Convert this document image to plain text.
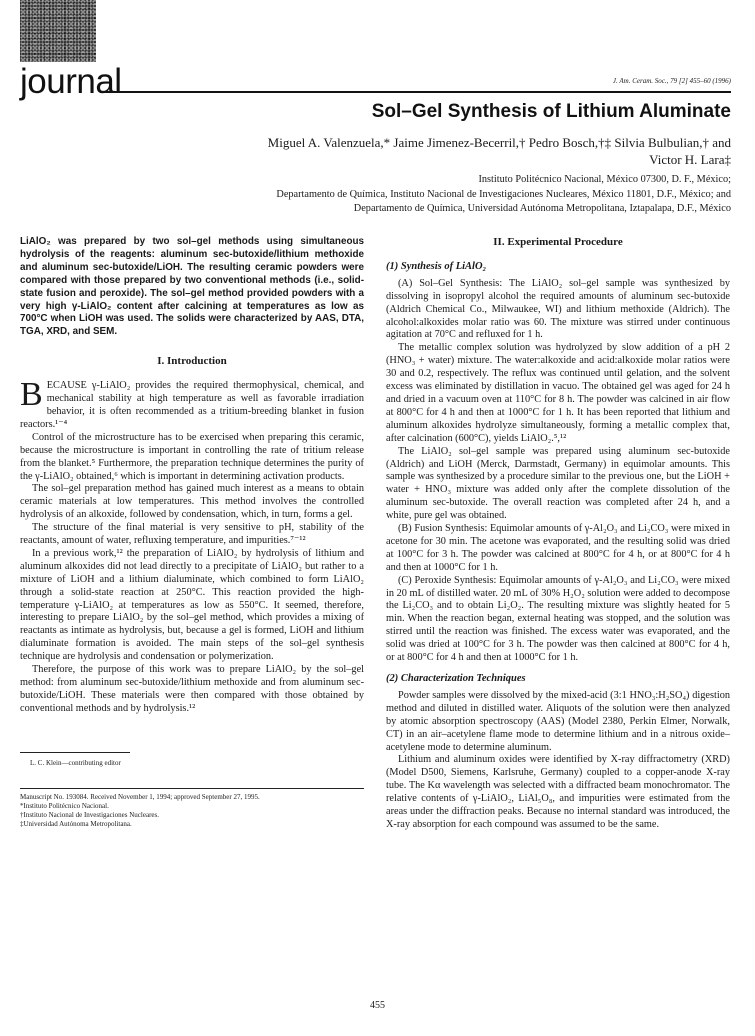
journal	J. Am. Ceram. Soc., 79 [2] 455–60 (1996)
Sol–Gel Synthesis of Lithium Aluminate
Miguel A. Valenzuela,* Jaime Jimenez-Becerril,† Pedro Bosch,†‡ Silvia Bulbulian,† and
Victor H. Lara‡
Instituto Politécnico Nacional, México 07300, D. F., México;
Departamento de Química, Instituto Nacional de Investigaciones Nucleares, México 11801, D.F., México; and
Departamento de Química, Universidad Autónoma Metropolitana, Iztapalapa, D.F., México

LiAlO₂ was prepared by two sol–gel methods using simultaneous hydrolysis of the reagents: aluminum sec-butoxide/lithium methoxide and aluminum sec-butoxide/LiOH. The resulting ceramic powders were compared with those prepared by two conventional methods (i.e., solid-state fusion and peroxide). The sol–gel method provided powders with a very high γ-LiAlO₂ content after calcining at temperatures as low as 700°C when LiOH was used. The solids were characterized by AAS, DTA, TGA, XRD, and SEM.

I. Introduction

BECAUSE γ-LiAlO₂ provides the required thermophysical, chemical, and mechanical stability at high temperature as well as favorable irradiation behavior, it is often recommended as a tritium-breeding blanket in fusion reactors.¹⁻⁴

Control of the microstructure has to be exercised when preparing this ceramic, because the microstructure is important in controlling the rate of tritium release from the blanket.⁵ Furthermore, the preparation technique determines the purity of the γ-LiAlO₂ obtained,⁶ which is important in determining activation products.

The sol–gel preparation method has gained much interest as a means to obtain ceramic materials at low temperatures. This method involves the controlled hydrolysis of an alkoxide, followed by condensation, which, in turn, forms a gel.

The structure of the final material is very sensitive to pH, stability of the reactants, amount of water, refluxing temperature, and impurities.⁷⁻¹²

In a previous work,¹² the preparation of LiAlO₂ by hydrolysis of lithium and aluminum alkoxides did not lead directly to a precipitate of LiAlO₂ but rather to a mixture of LiOH and a lithium dialuminate, which combined to form LiAlO₂ through a solid-state reaction at 250°C. This reaction provided the high-temperature γ-LiAlO₂ at temperatures as low as 550°C. It seemed, therefore, interesting to prepare LiAlO₂ by the sol–gel method, which provides a mixing of reactants as intimate as hydrolysis, but, because a gel is formed, LiOH and lithium dialuminate formation is avoided. The main steps of the sol–gel synthesis technique are hydrolysis and condensation or polymerization.

Therefore, the purpose of this work was to prepare LiAlO₂ by the sol–gel method: from aluminum sec-butoxide/lithium methoxide and from aluminum sec-butoxide/LiOH. These materials were then compared with those obtained by conventional methods and by hydrolysis.¹²

L. C. Klein—contributing editor
Manuscript No. 193084. Received November 1, 1994; approved September 27, 1995.
*Instituto Politécnico Nacional.
†Instituto Nacional de Investigaciones Nucleares.
‡Universidad Autónoma Metropolitana.
II. Experimental Procedure
(1) Synthesis of LiAlO₂

(A) Sol–Gel Synthesis: The LiAlO₂ sol–gel sample was synthesized by dissolving in isopropyl alcohol the required amounts of aluminum sec-butoxide (Aldrich Chemical Co., Milwaukee, WI) and lithium methoxide (Aldrich). The alcohol:alkoxides molar ratio was 60. The mixture was stirred under continuous agitation at 70°C and refluxed for 1 h.

The metallic complex solution was hydrolyzed by slow addition of a pH 2 (HNO₃ + water) mixture. The water:alkoxide and acid:alkoxide molar ratios were 30 and 0.2, respectively. The reflux was continued until gelation, and the solvent excess was eliminated by distillation in vacuo. The obtained gel was aged for 24 h and dried in a vacuum oven at 110°C for 8 h. The powder was calcined in air flow at 800°C for 4 h and then at 1000°C for 1 h. It has been reported that lithium and aluminum alkoxides hydrolyze simultaneously, forming a metallic complex that, after calcination (600°C), yields LiAlO₂.⁵,¹²

The LiAlO₂ sol–gel sample was prepared using aluminum sec-butoxide (Aldrich) and LiOH (Merck, Darmstadt, Germany) in equimolar amounts. This sample was synthesized by a procedure similar to the previous one, but the LiOH + water + HNO₃ mixture was added only after the complete dissolution of the aluminum sec-butoxide. The overall reaction was completed after 24 h, and a white, pure gel was obtained.

(B) Fusion Synthesis: Equimolar amounts of γ-Al₂O₃ and Li₂CO₃ were mixed in acetone for 30 min. The acetone was evaporated, and the resulting solid was dried at 100°C for 3 h. The powder was calcined at 800°C for 4 h, or at 800°C for 4 h and then at 1000°C for 1 h.

(C) Peroxide Synthesis: Equimolar amounts of γ-Al₂O₃ and Li₂CO₃ were mixed in 20 mL of distilled water. 20 mL of 30% H₂O₂ solution were added to decompose the Li₂CO₃ and to obtain Li₂O₂. The resulting mixture was slightly heated for 5 min. When the reaction began, external heating was stopped, and the solution was stirred until the reaction was finished. The excess water was evaporated, and the solid was dried at 100°C for 3 h. The powder was then calcined at 800°C for 4 h, or at 800°C for 4 h and then at 1000°C for 1 h.

(2) Characterization Techniques

Powder samples were dissolved by the mixed-acid (3:1 HNO₃:H₂SO₄) digestion method and diluted in distilled water. Aliquots of the solution were then analyzed by atomic absorption spectroscopy (AAS) (Model 2380, Perkin Elmer, Norwalk, CT) in an air–acetylene flame mode to determine lithium and in a nitrous oxide–acetylene mode to determine aluminum.

Lithium and aluminum oxides were identified by X-ray diffractometry (XRD) (Model D500, Siemens, Karlsruhe, Germany) coupled to a copper-anode X-ray tube. The Kα wavelength was selected with a diffracted beam monochromator. The relative contents of γ-LiAlO₂, LiAl₅O₈, and impurities were estimated from the areas under the diffraction peaks. Because no internal standard was introduced, the X-ray absorption for each compound was assumed to be the same.

455
